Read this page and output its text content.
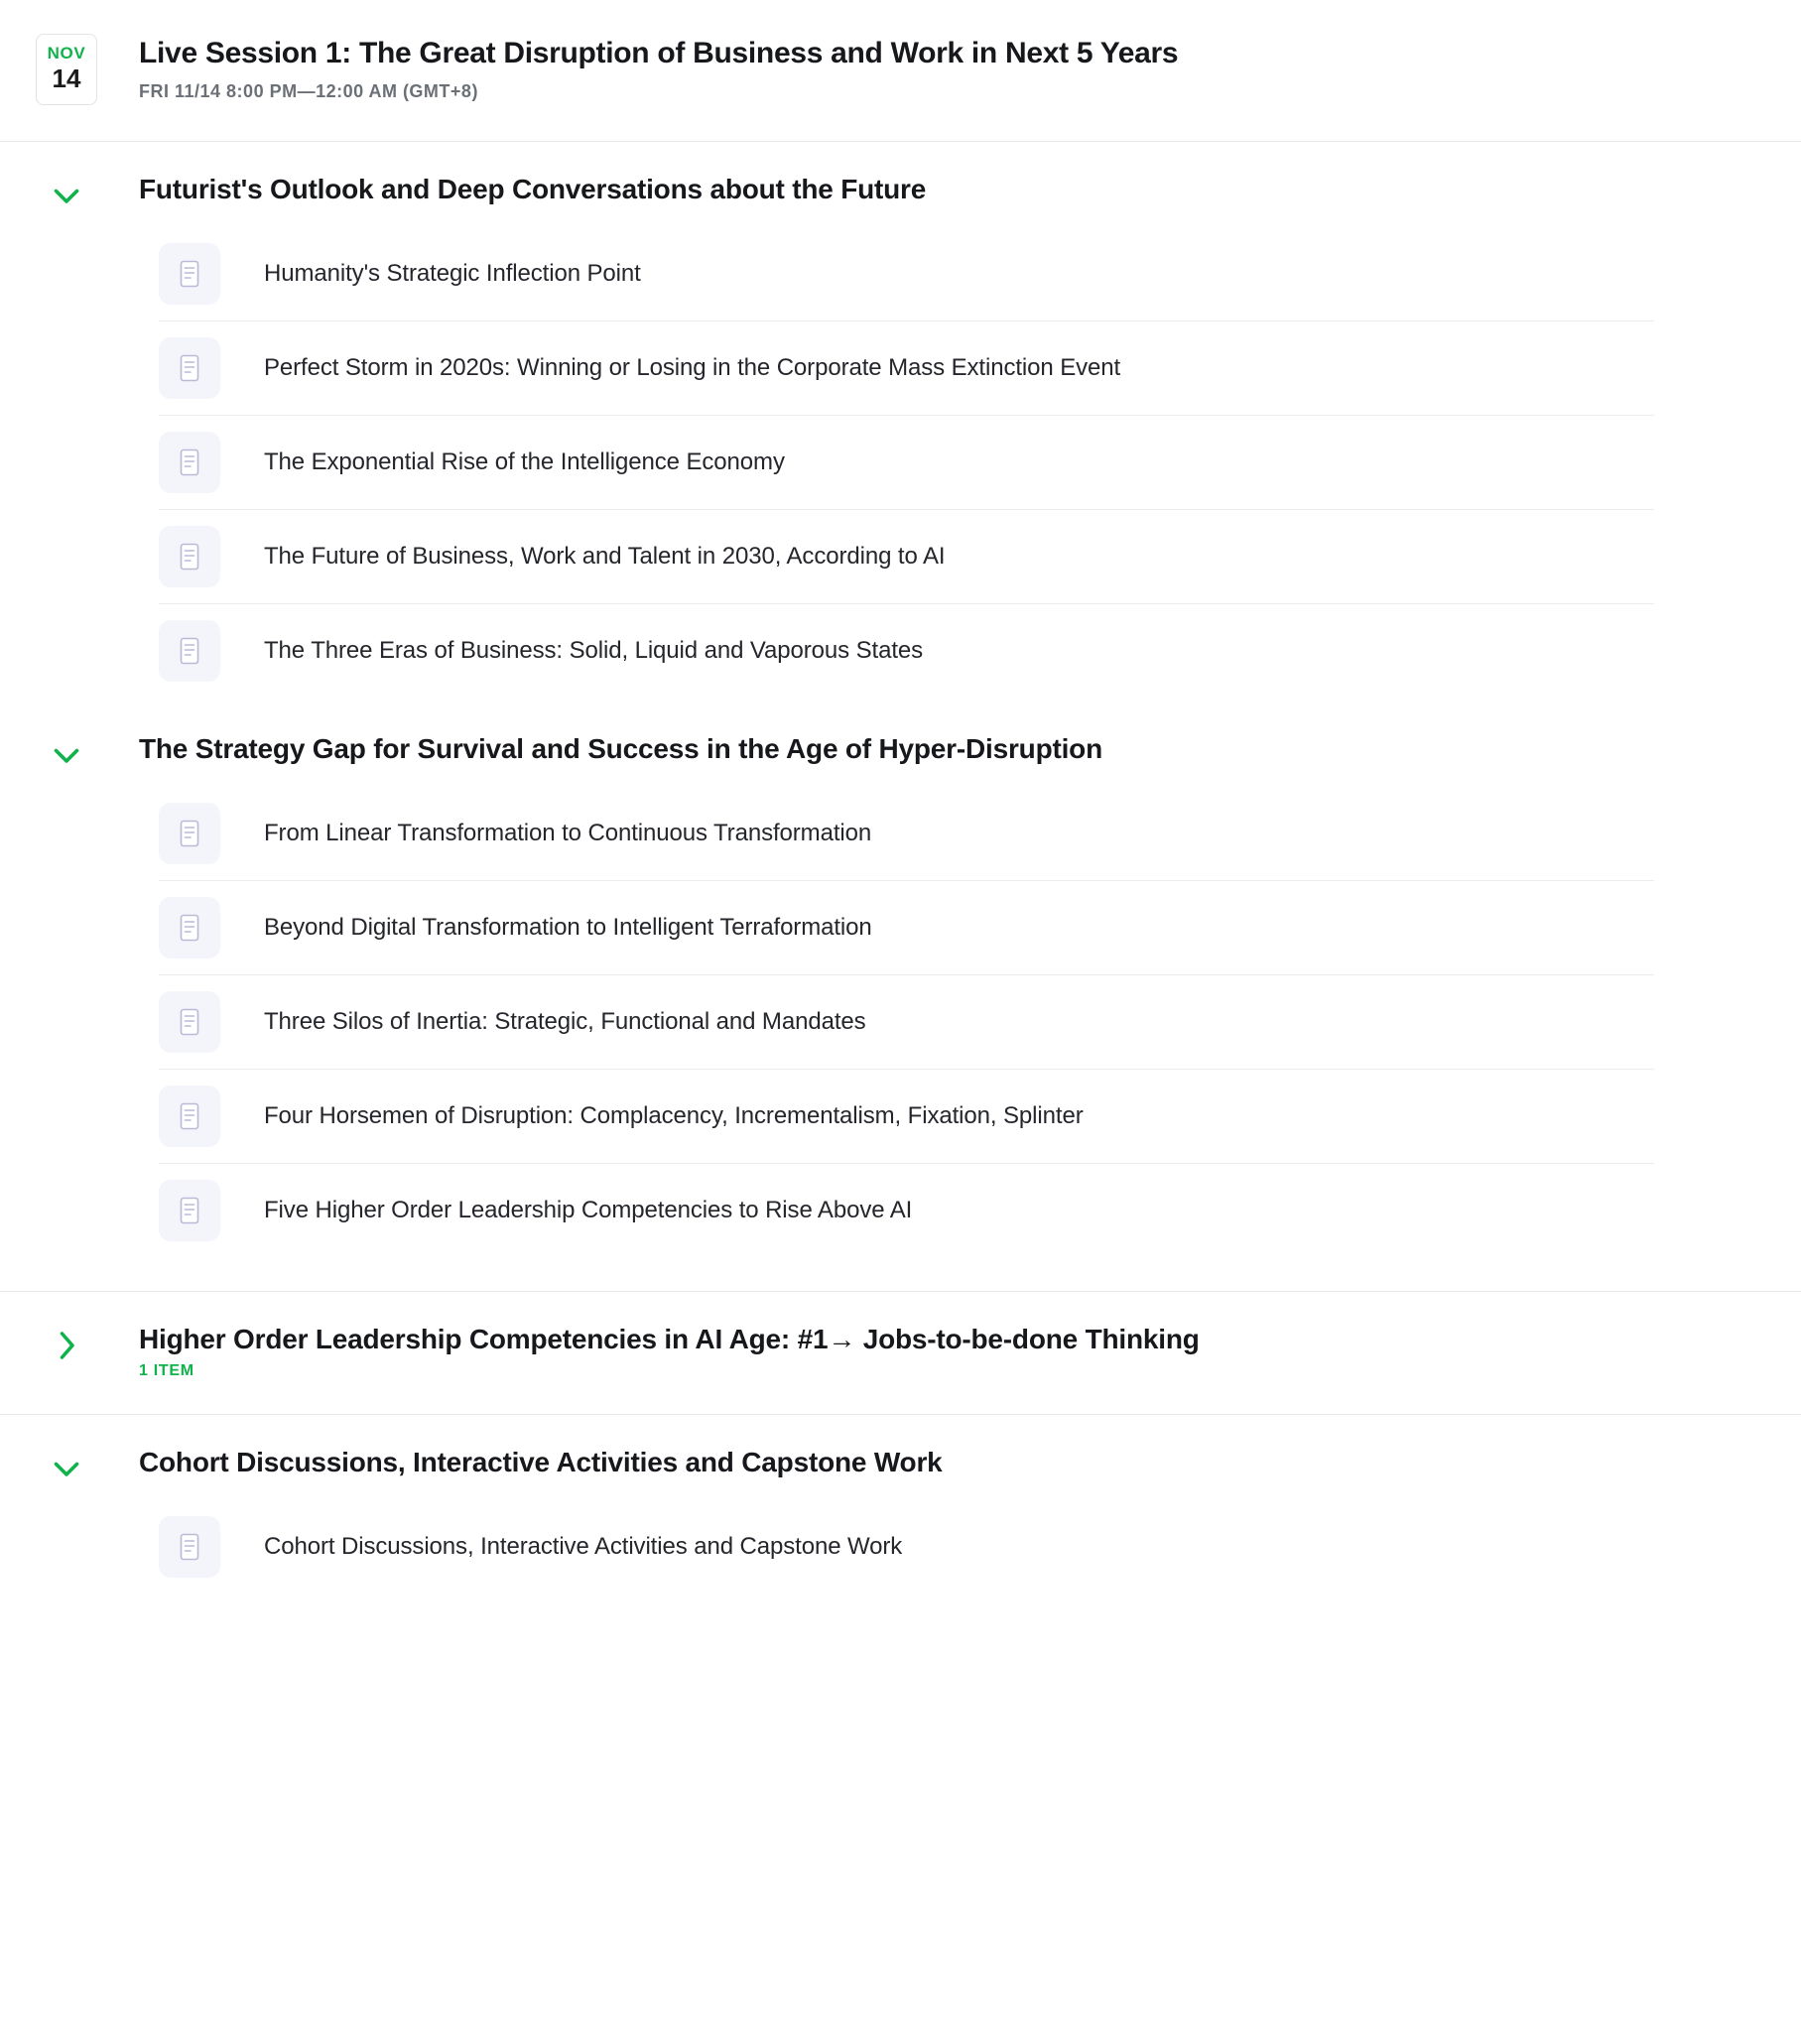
NOV
14
Live Session 1: The Great Disruption of Business and Work in Next 5 Years
FRI 11/14 8:00 PM—12:00 AM (GMT+8)
Futurist's Outlook and Deep Conversations about the Future
Humanity's Strategic Inflection Point
Perfect Storm in 2020s: Winning or Losing in the Corporate Mass Extinction Event
The Exponential Rise of the Intelligence Economy
The Future of Business, Work and Talent in 2030, According to AI
The Three Eras of Business: Solid, Liquid and Vaporous States
The Strategy Gap for Survival and Success in the Age of Hyper-Disruption
From Linear Transformation to Continuous Transformation
Beyond Digital Transformation to Intelligent Terraformation
Three Silos of Inertia: Strategic, Functional and Mandates
Four Horsemen of Disruption: Complacency, Incrementalism, Fixation, Splinter
Five Higher Order Leadership Competencies to Rise Above AI
Higher Order Leadership Competencies in AI Age: #1→ Jobs-to-be-done Thinking
1 ITEM
Cohort Discussions, Interactive Activities and Capstone Work
Cohort Discussions, Interactive Activities and Capstone Work
